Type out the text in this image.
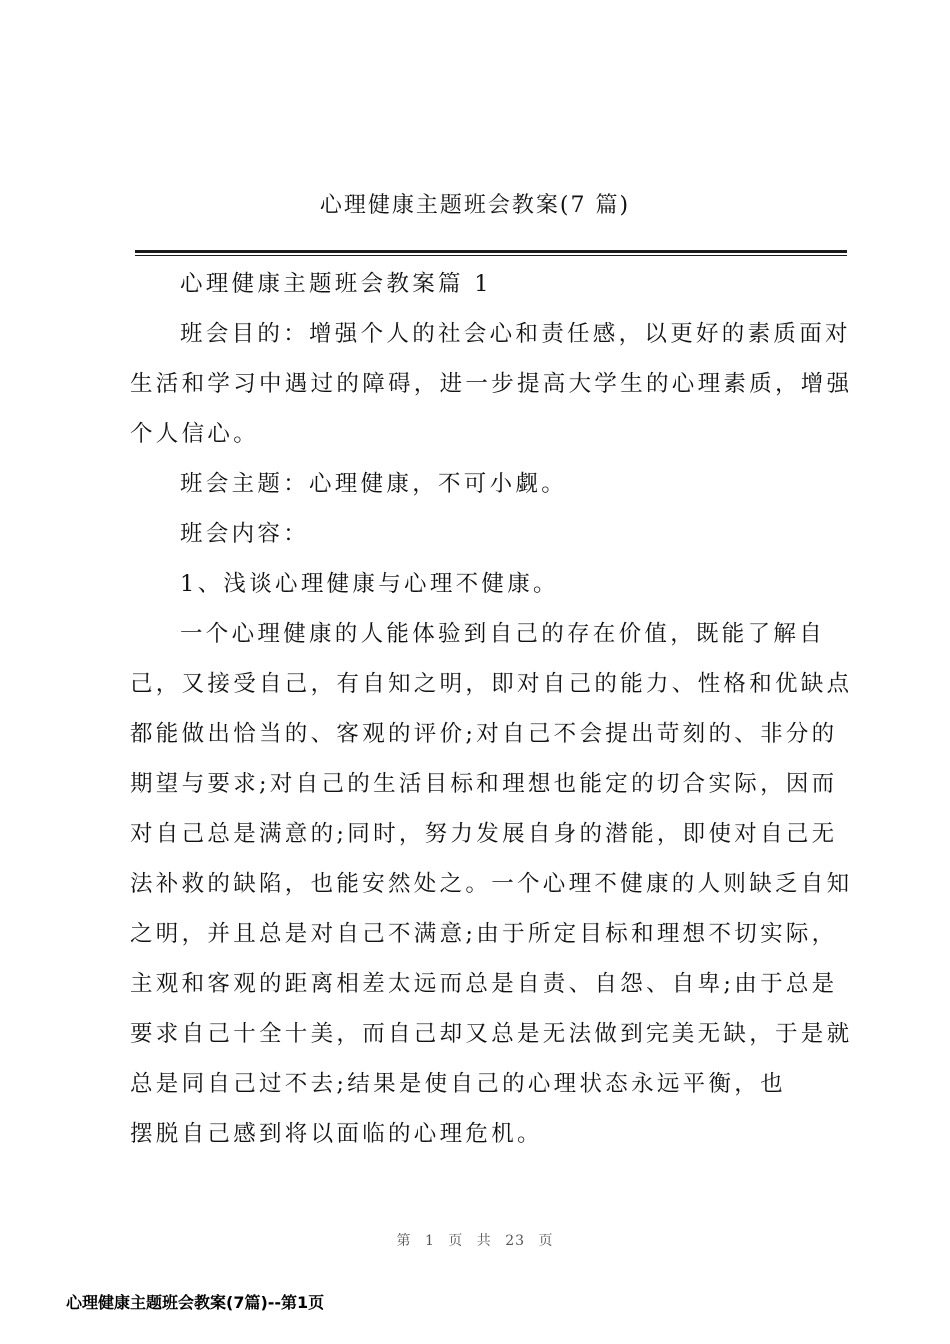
心理健康主题班会教案(7 篇)
心理健康主题班会教案篇 1
班会目的：增强个人的社会心和责任感，以更好的素质面对
生活和学习中遇过的障碍，进一步提高大学生的心理素质，增强
个人信心。
班会主题：心理健康，不可小觑。
班会内容：
1、浅谈心理健康与心理不健康。
一个心理健康的人能体验到自己的存在价值，既能了解自
己，又接受自己，有自知之明，即对自己的能力、性格和优缺点
都能做出恰当的、客观的评价;对自己不会提出苛刻的、非分的
期望与要求;对自己的生活目标和理想也能定的切合实际，因而
对自己总是满意的;同时，努力发展自身的潜能，即使对自己无
法补救的缺陷，也能安然处之。一个心理不健康的人则缺乏自知
之明，并且总是对自己不满意;由于所定目标和理想不切实际，
主观和客观的距离相差太远而总是自责、自怨、自卑;由于总是
要求自己十全十美，而自己却又总是无法做到完美无缺，于是就
总是同自己过不去;结果是使自己的心理状态永远平衡，也
摆脱自己感到将以面临的心理危机。
第 1 页 共 23 页
心理健康主题班会教案(7篇)--第1页
